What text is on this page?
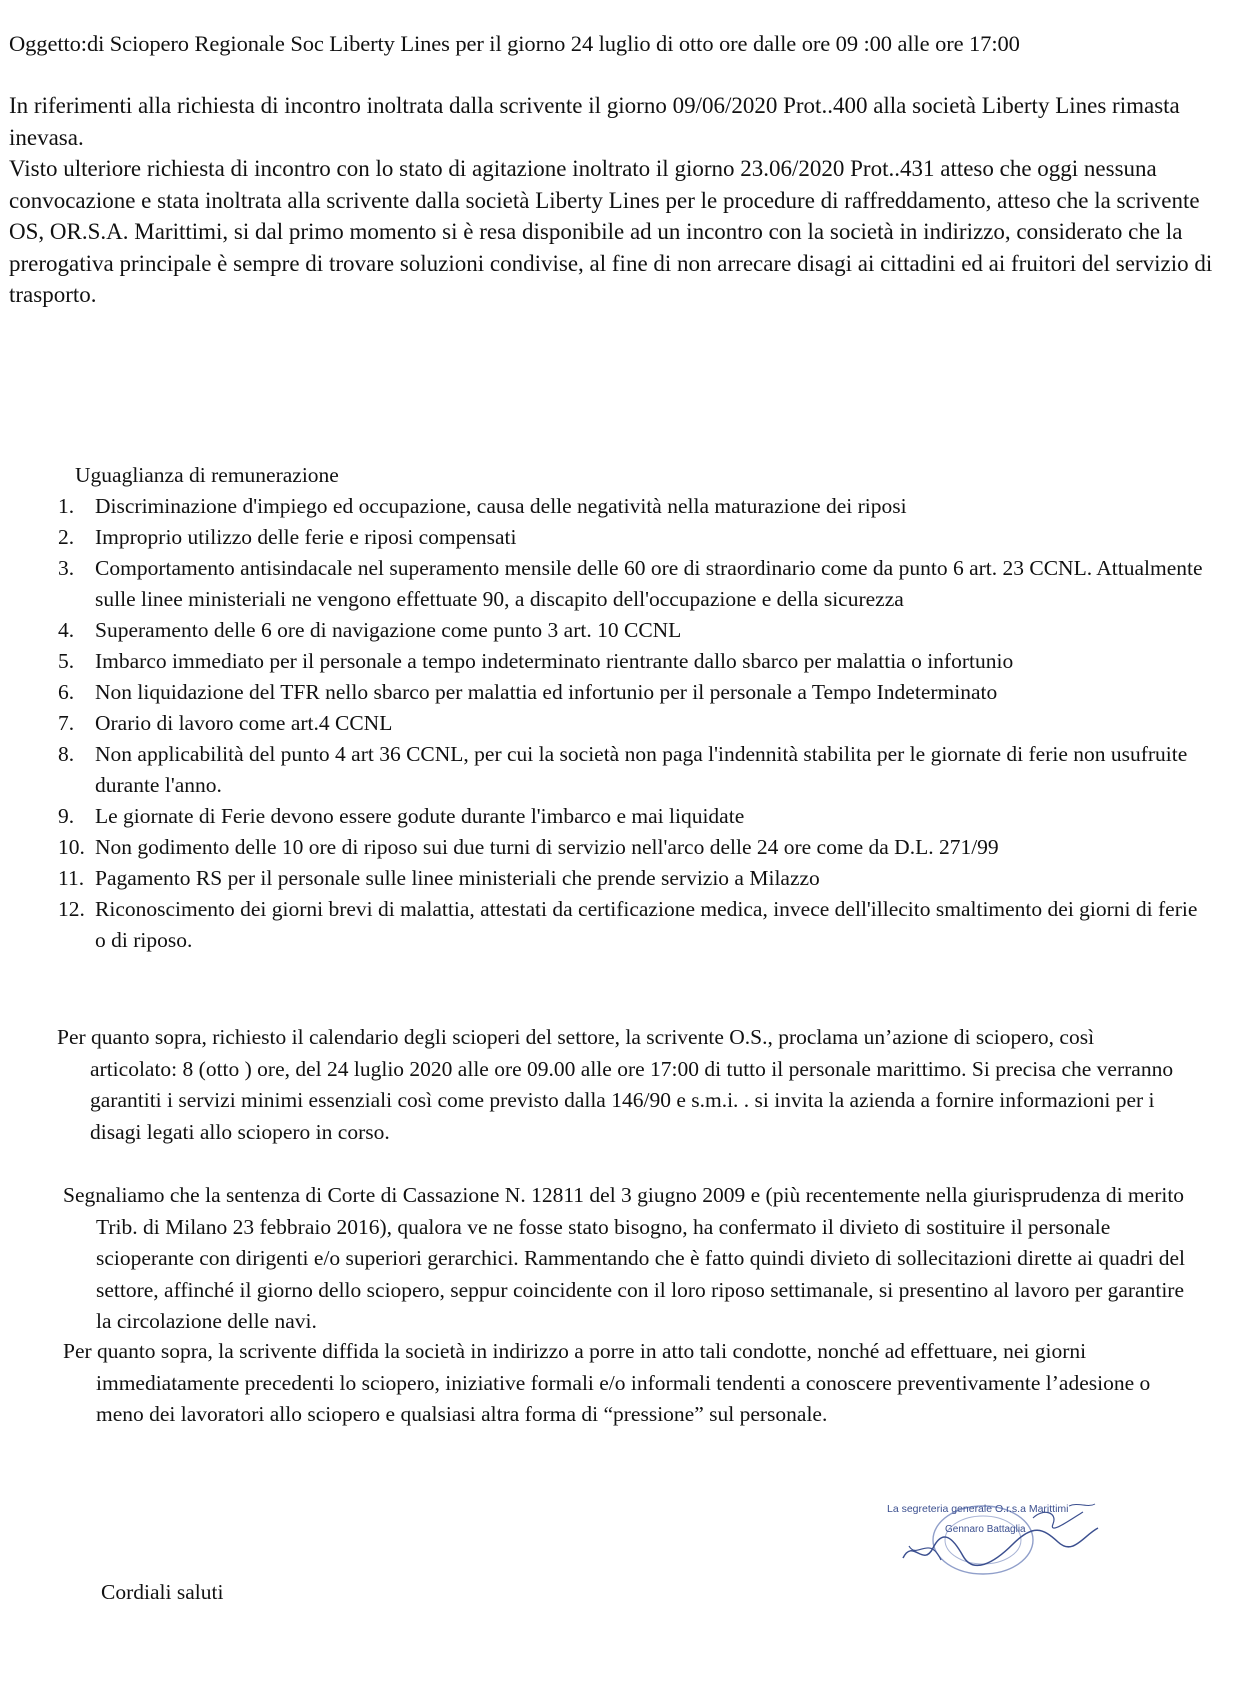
Oggetto:di Sciopero Regionale Soc Liberty Lines per il giorno 24 luglio di otto ore dalle ore 09 :00 alle ore 17:00

In riferimenti alla richiesta di incontro inoltrata dalla scrivente il giorno 09/06/2020 Prot..400 alla società Liberty Lines rimasta inevasa.

Visto ulteriore richiesta di incontro con lo stato di agitazione inoltrato il giorno 23.06/2020 Prot..431 atteso che oggi nessuna convocazione e stata inoltrata alla scrivente dalla società Liberty Lines per le procedure di raffreddamento, atteso che la scrivente OS, OR.S.A. Marittimi, si dal primo momento si è resa disponibile ad un incontro con la società in indirizzo, considerato che la prerogativa principale è sempre di trovare soluzioni condivise, al fine di non arrecare disagi ai cittadini ed ai fruitori del servizio di trasporto.

Uguaglianza di remunerazione
1. Discriminazione d'impiego ed occupazione, causa delle negatività nella maturazione dei riposi
2. Improprio utilizzo delle ferie e riposi compensati
3. Comportamento antisindacale nel superamento mensile delle 60 ore di straordinario come da punto 6 art. 23 CCNL. Attualmente sulle linee ministeriali ne vengono effettuate 90, a discapito dell'occupazione e della sicurezza
4. Superamento delle 6 ore di navigazione come punto 3 art. 10 CCNL
5. Imbarco immediato per il personale a tempo indeterminato rientrante dallo sbarco per malattia o infortunio
6. Non liquidazione del TFR nello sbarco per malattia ed infortunio per il personale a Tempo Indeterminato
7. Orario di lavoro come art.4 CCNL
8. Non applicabilità del punto 4 art 36 CCNL, per cui la società non paga l'indennità stabilita per le giornate di ferie non usufruite durante l'anno.
9. Le giornate di Ferie devono essere godute durante l'imbarco e mai liquidate
10. Non godimento delle 10 ore di riposo sui due turni di servizio nell'arco delle 24 ore come da D.L. 271/99
11. Pagamento RS per il personale sulle linee ministeriali che prende servizio a Milazzo
12. Riconoscimento dei giorni brevi di malattia, attestati da certificazione medica, invece dell'illecito smaltimento dei giorni di ferie o di riposo.

Per quanto sopra, richiesto il calendario degli scioperi del settore, la scrivente O.S., proclama un’azione di sciopero, così articolato: 8 (otto ) ore, del 24 luglio 2020 alle ore 09.00 alle ore 17:00 di tutto il personale marittimo. Si precisa che verranno garantiti i servizi minimi essenziali così come previsto dalla 146/90 e s.m.i. . si invita la azienda a fornire informazioni per i disagi legati allo sciopero in corso.

Segnaliamo che la sentenza di Corte di Cassazione N. 12811 del 3 giugno 2009 e (più recentemente nella giurisprudenza di merito Trib. di Milano 23 febbraio 2016), qualora ve ne fosse stato bisogno, ha confermato il divieto di sostituire il personale scioperante con dirigenti e/o superiori gerarchici. Rammentando che è fatto quindi divieto di sollecitazioni dirette ai quadri del settore, affinché il giorno dello sciopero, seppur coincidente con il loro riposo settimanale, si presentino al lavoro per garantire la circolazione delle navi.

Per quanto sopra, la scrivente diffida la società in indirizzo a porre in atto tali condotte, nonché ad effettuare, nei giorni immediatamente precedenti lo sciopero, iniziative formali e/o informali tendenti a conoscere preventivamente l’adesione o meno dei lavoratori allo sciopero e qualsiasi altra forma di “pressione” sul personale.

La segreteria generale O.r.s.a Marittimi
Gennaro Battaglia
Cordiali saluti
